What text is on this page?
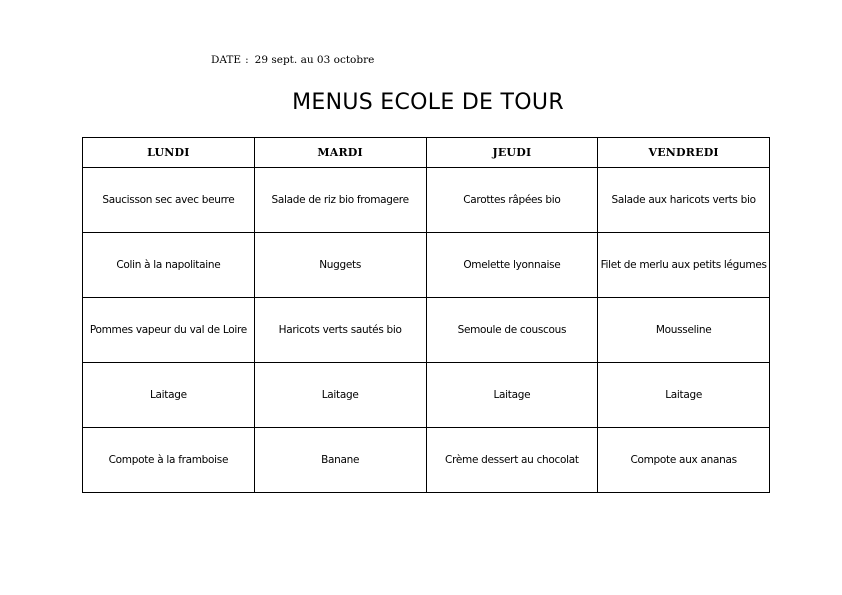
DATE : 29 sept. au 03 octobre
MENUS ECOLE DE TOUR
LUNDI	MARDI	JEUDI	VENDREDI
Saucisson sec avec beurre	Salade de riz bio fromagere	Carottes râpées bio	Salade aux haricots verts bio
Colin à la napolitaine	Nuggets	Omelette lyonnaise	Filet de merlu aux petits légumes
Pommes vapeur du val de Loire	Haricots verts sautés bio	Semoule de couscous	Mousseline
Laitage	Laitage	Laitage	Laitage
Compote à la framboise	Banane	Crème dessert au chocolat	Compote aux ananas
